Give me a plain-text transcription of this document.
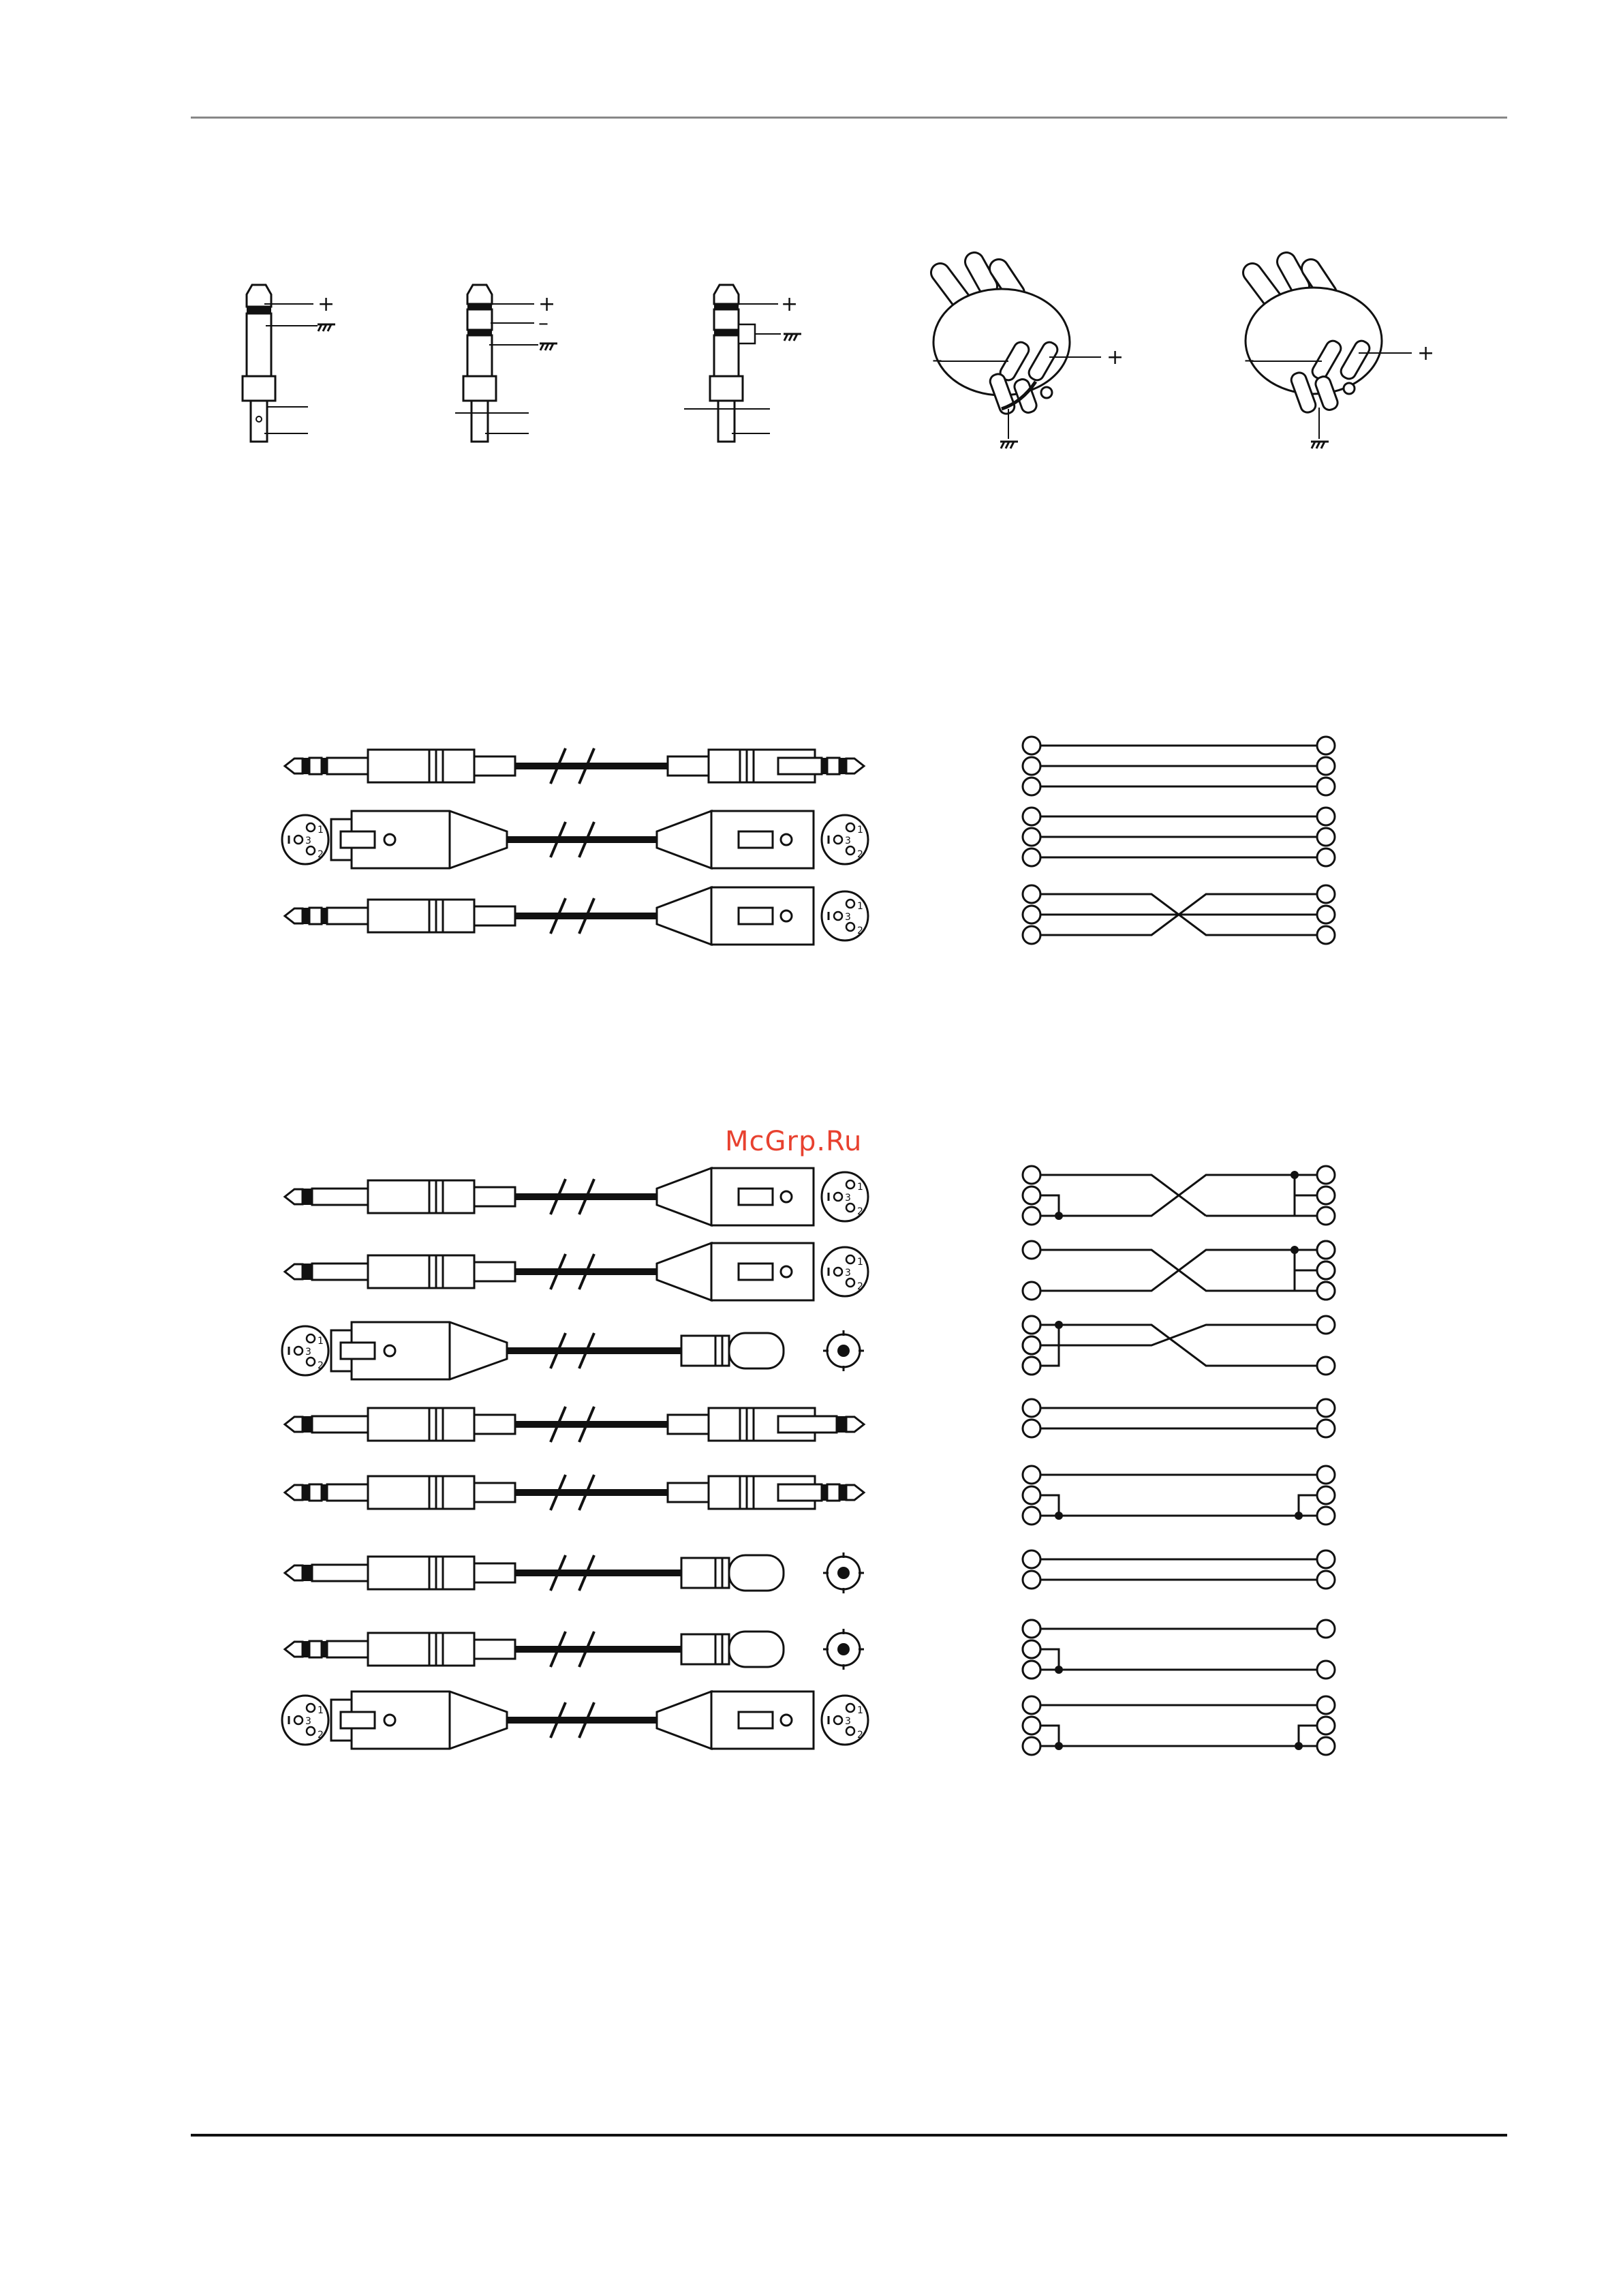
+	+
–
+
–	+	–	+
1
3
2
1
3
2
1
3
2
1
3
2
1
3
2
1
3
2
1
3
2
1
3
2
McGrp.Ru
